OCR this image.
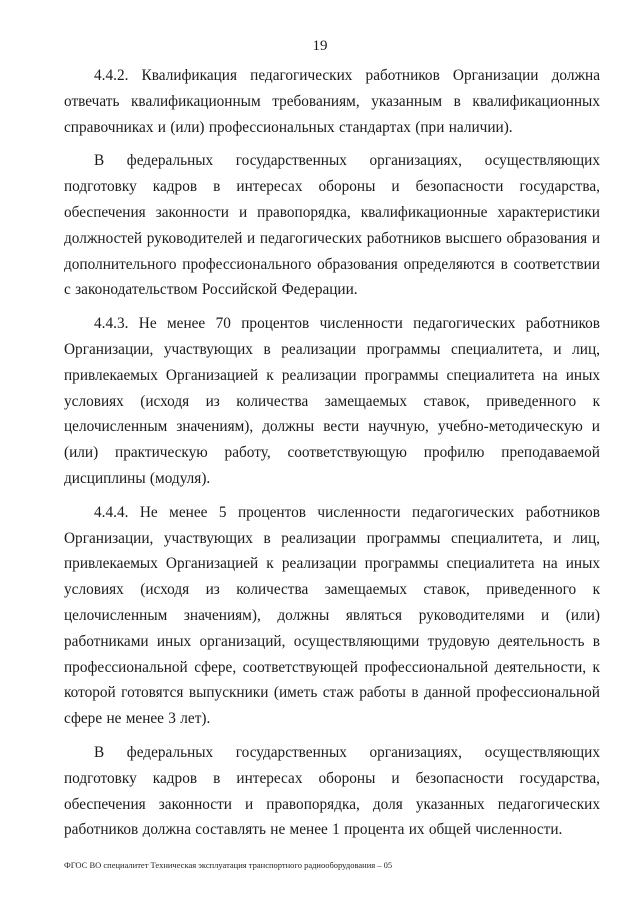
19

4.4.2. Квалификация педагогических работников Организации должна отвечать квалификационным требованиям, указанным в квалификационных справочниках и (или) профессиональных стандартах (при наличии).

В федеральных государственных организациях, осуществляющих подготовку кадров в интересах обороны и безопасности государства, обеспечения законности и правопорядка, квалификационные характеристики должностей руководителей и педагогических работников высшего образования и дополнительного профессионального образования определяются в соответствии с законодательством Российской Федерации.

4.4.3. Не менее 70 процентов численности педагогических работников Организации, участвующих в реализации программы специалитета, и лиц, привлекаемых Организацией к реализации программы специалитета на иных условиях (исходя из количества замещаемых ставок, приведенного к целочисленным значениям), должны вести научную, учебно-методическую и (или) практическую работу, соответствующую профилю преподаваемой дисциплины (модуля).

4.4.4. Не менее 5 процентов численности педагогических работников Организации, участвующих в реализации программы специалитета, и лиц, привлекаемых Организацией к реализации программы специалитета на иных условиях (исходя из количества замещаемых ставок, приведенного к целочисленным значениям), должны являться руководителями и (или) работниками иных организаций, осуществляющими трудовую деятельность в профессиональной сфере, соответствующей профессиональной деятельности, к которой готовятся выпускники (иметь стаж работы в данной профессиональной сфере не менее 3 лет).

В федеральных государственных организациях, осуществляющих подготовку кадров в интересах обороны и безопасности государства, обеспечения законности и правопорядка, доля указанных педагогических работников должна составлять не менее 1 процента их общей численности.

ФГОС ВО специалитет Техническая эксплуатация транспортного радиооборудования – 05
